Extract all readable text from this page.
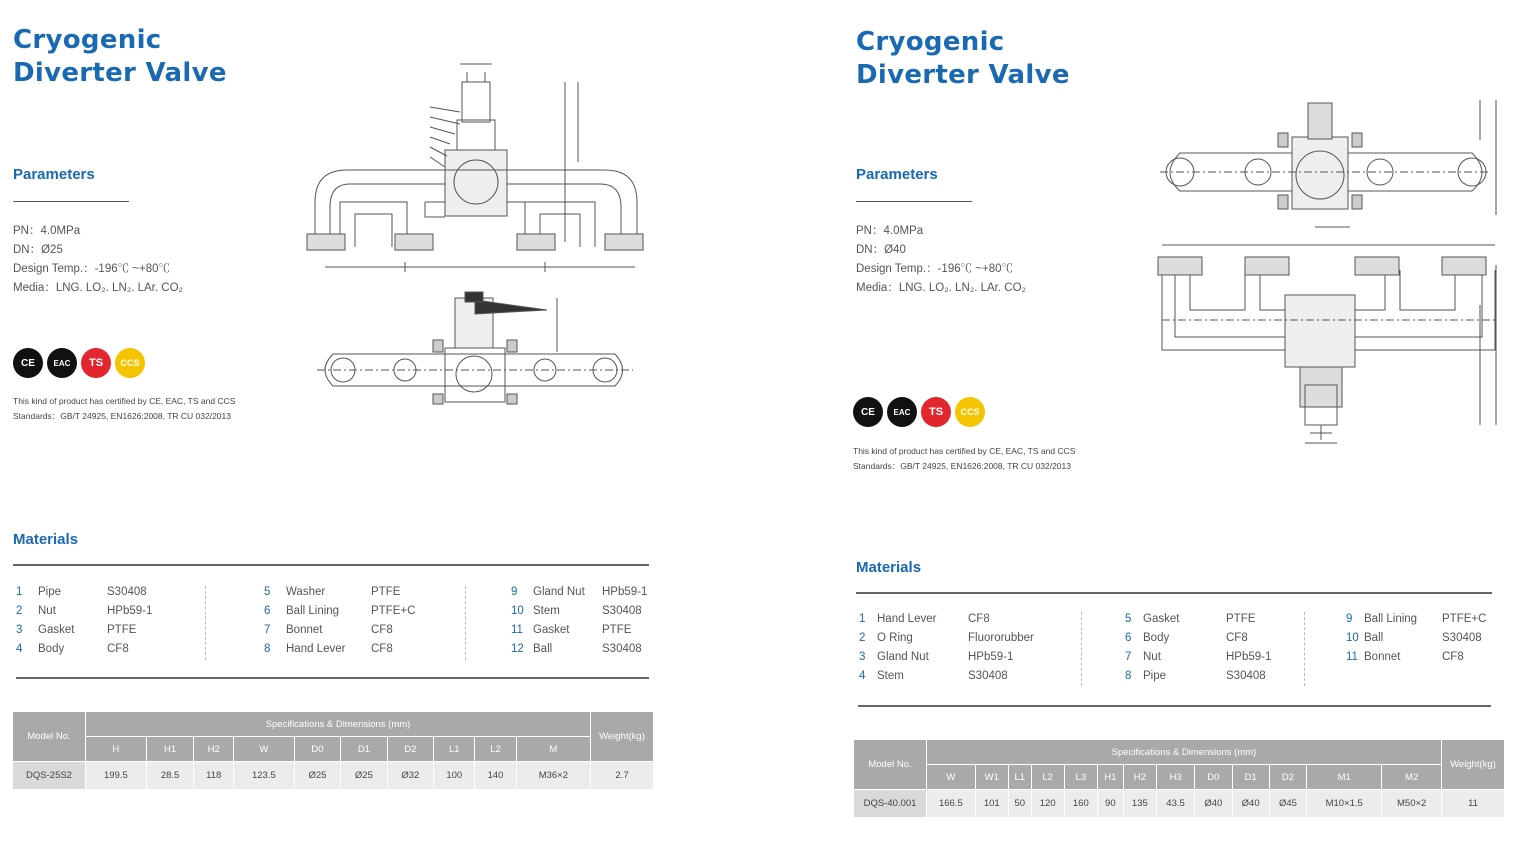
Cryogenic
Diverter Valve
Parameters
PN：4.0MPa
DN：Ø25
Design Temp.：-196℃ ~+80℃
Media：LNG. LO₂. LN₂. LAr. CO₂
CE	EAC	TS	CCS
This kind of product has certified by CE, EAC, TS and CCS
Standards：GB/T 24925, EN1626:2008, TR CU 032/2013
Materials
1 Pipe	S30408
2 Nut	HPb59-1
3 Gasket	PTFE
4 Body	CF8
5 Washer	PTFE
6 Ball Lining	PTFE+C
7 Bonnet	CF8
8 Hand Lever CF8
9 Gland Nut HPb59-1
10 Stem	S30408
11 Gasket	PTFE
12 Ball	S30408
Model No.	Specifications & Dimensions (mm)										Weight(kg)
	H	H1	H2	W	D0	D1	D2	L1	L2	M	
DQS-25S2	199.5	28.5	118	123.5	Ø25	Ø25	Ø32	100	140	M36×2	2.7
Cryogenic
Diverter Valve
Parameters
PN：4.0MPa
DN：Ø40
Design Temp.：-196℃ ~+80℃
Media：LNG. LO₂. LN₂. LAr. CO₂
CE	EAC	TS	CCS
This kind of product has certified by CE, EAC, TS and CCS
Standards：GB/T 24925, EN1626:2008, TR CU 032/2013
Materials
1 Hand Lever	CF8
2 O Ring	Fluororubber
3 Gland Nut	HPb59-1
4 Stem	S30408
5 Gasket	PTFE
6 Body	CF8
7 Nut	HPb59-1
8 Pipe	S30408
9 Ball Lining PTFE+C
10 Ball	S30408
11 Bonnet	CF8
Model No.	Specifications & Dimensions (mm)													Weight(kg)
	W	W1	L1	L2	L3	H1	H2	H3	D0	D1	D2	M1	M2	
DQS-40.001	166.5	101	50	120	160	90	135	43.5	Ø40	Ø40	Ø45	M10×1.5	M50×2	11
